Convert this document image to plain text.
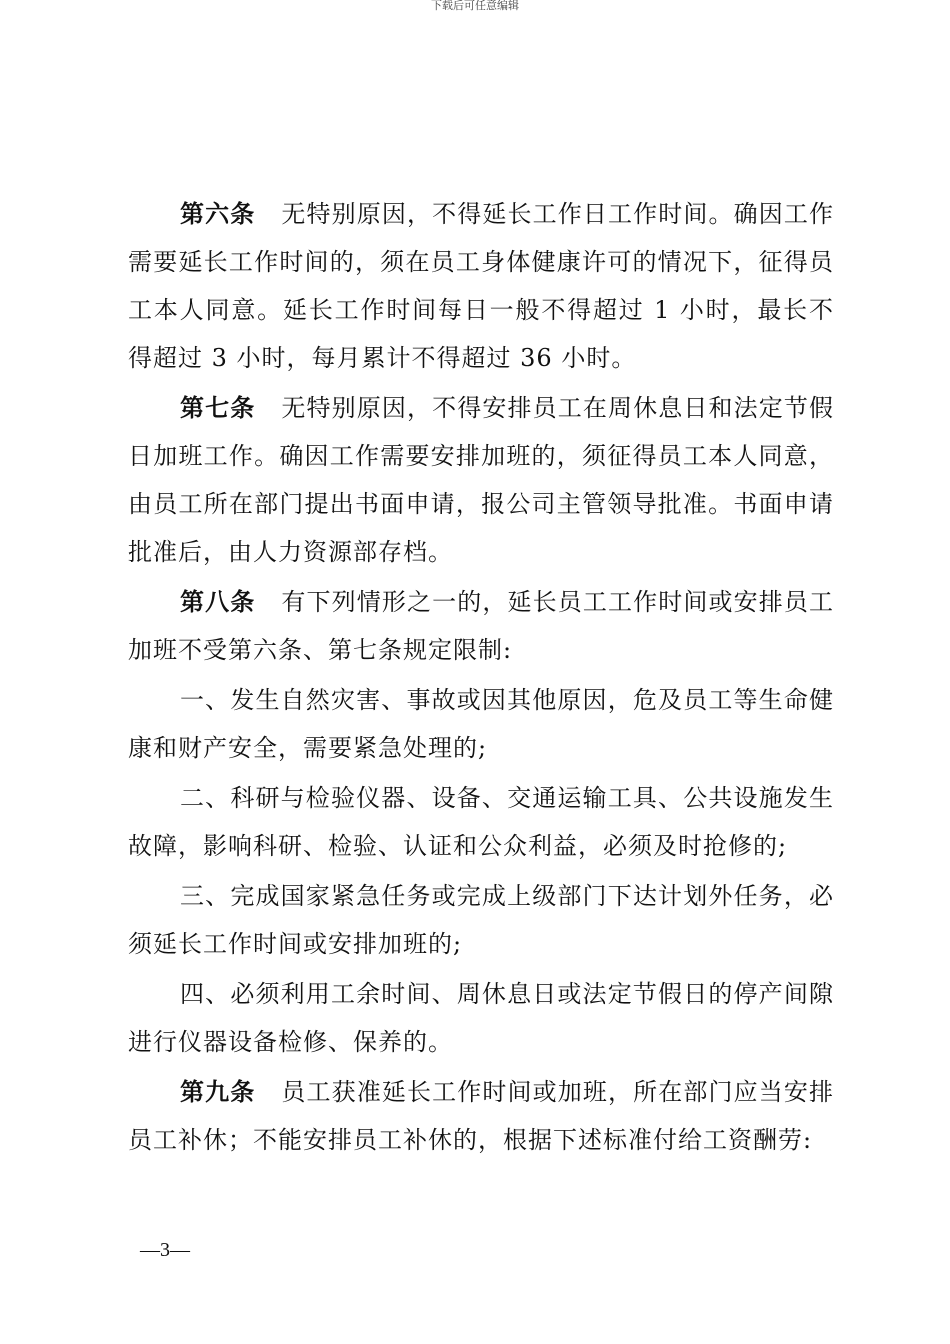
下载后可任意编辑

第六条 无特别原因，不得延长工作日工作时间。确因工作需要延长工作时间的，须在员工身体健康许可的情况下，征得员工本人同意。延长工作时间每日一般不得超过 1 小时，最长不得超过 3 小时，每月累计不得超过 36 小时。

第七条 无特别原因，不得安排员工在周休息日和法定节假日加班工作。确因工作需要安排加班的，须征得员工本人同意，由员工所在部门提出书面申请，报公司主管领导批准。书面申请批准后，由人力资源部存档。

第八条 有下列情形之一的，延长员工工作时间或安排员工加班不受第六条、第七条规定限制:

一、发生自然灾害、事故或因其他原因，危及员工等生命健康和财产安全，需要紧急处理的;

二、科研与检验仪器、设备、交通运输工具、公共设施发生故障，影响科研、检验、认证和公众利益，必须及时抢修的;

三、完成国家紧急任务或完成上级部门下达计划外任务，必须延长工作时间或安排加班的;

四、必须利用工余时间、周休息日或法定节假日的停产间隙进行仪器设备检修、保养的。

第九条 员工获准延长工作时间或加班，所在部门应当安排员工补休；不能安排员工补休的，根据下述标准付给工资酬劳:

—3—
